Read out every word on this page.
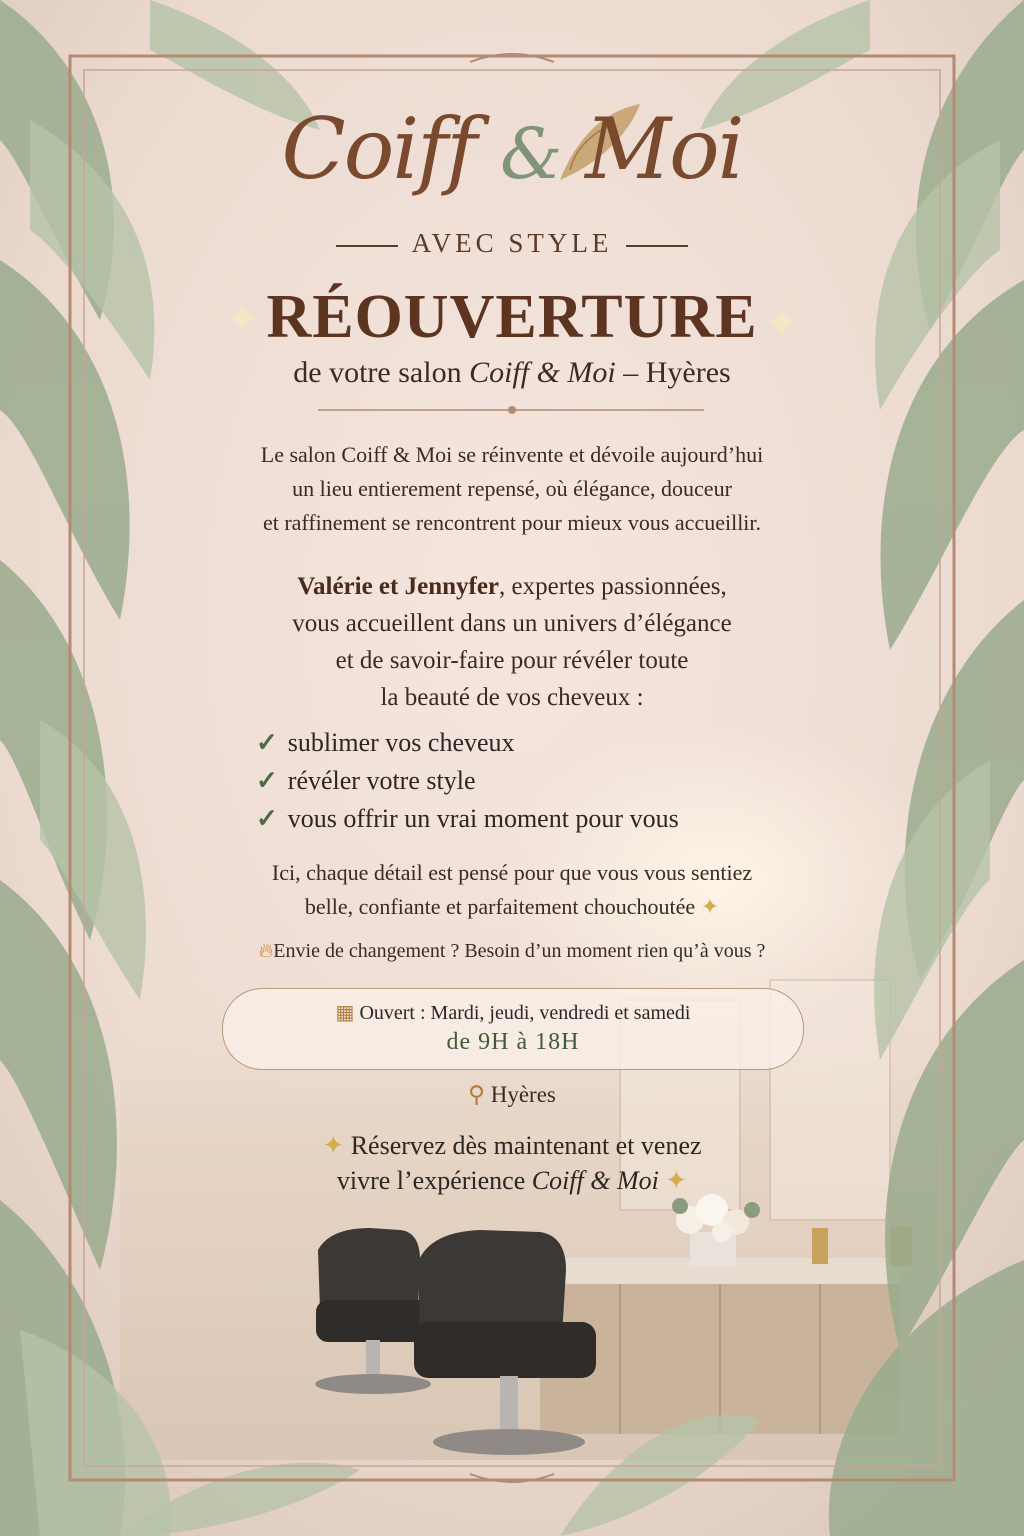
Coiff & Moi
AVEC STYLE
RÉOUVERTURE
de votre salon Coiff & Moi – Hyères
Le salon Coiff & Moi se réinvente et dévoile aujourd’hui
un lieu entierement repensé, où élégance, douceur
et raffinement se rencontrent pour mieux vous accueillir.
Valérie et Jennyfer, expertes passionnées,
vous accueillent dans un univers d’élégance
et de savoir-faire pour révéler toute
la beauté de vos cheveux :
✓ sublimer vos cheveux
✓ révéler votre style
✓ vous offrir un vrai moment pour vous
Ici, chaque détail est pensé pour que vous vous sentiez
belle, confiante et parfaitement chouchoutée ✦
🔥︎Envie de changement ? Besoin d’un moment rien qu’à vous ?
▦ Ouvert : Mardi, jeudi, vendredi et samedi
de 9H à 18H
⚲ Hyères
✦ Réservez dès maintenant et venez
vivre l’expérience Coiff & Moi ✦
